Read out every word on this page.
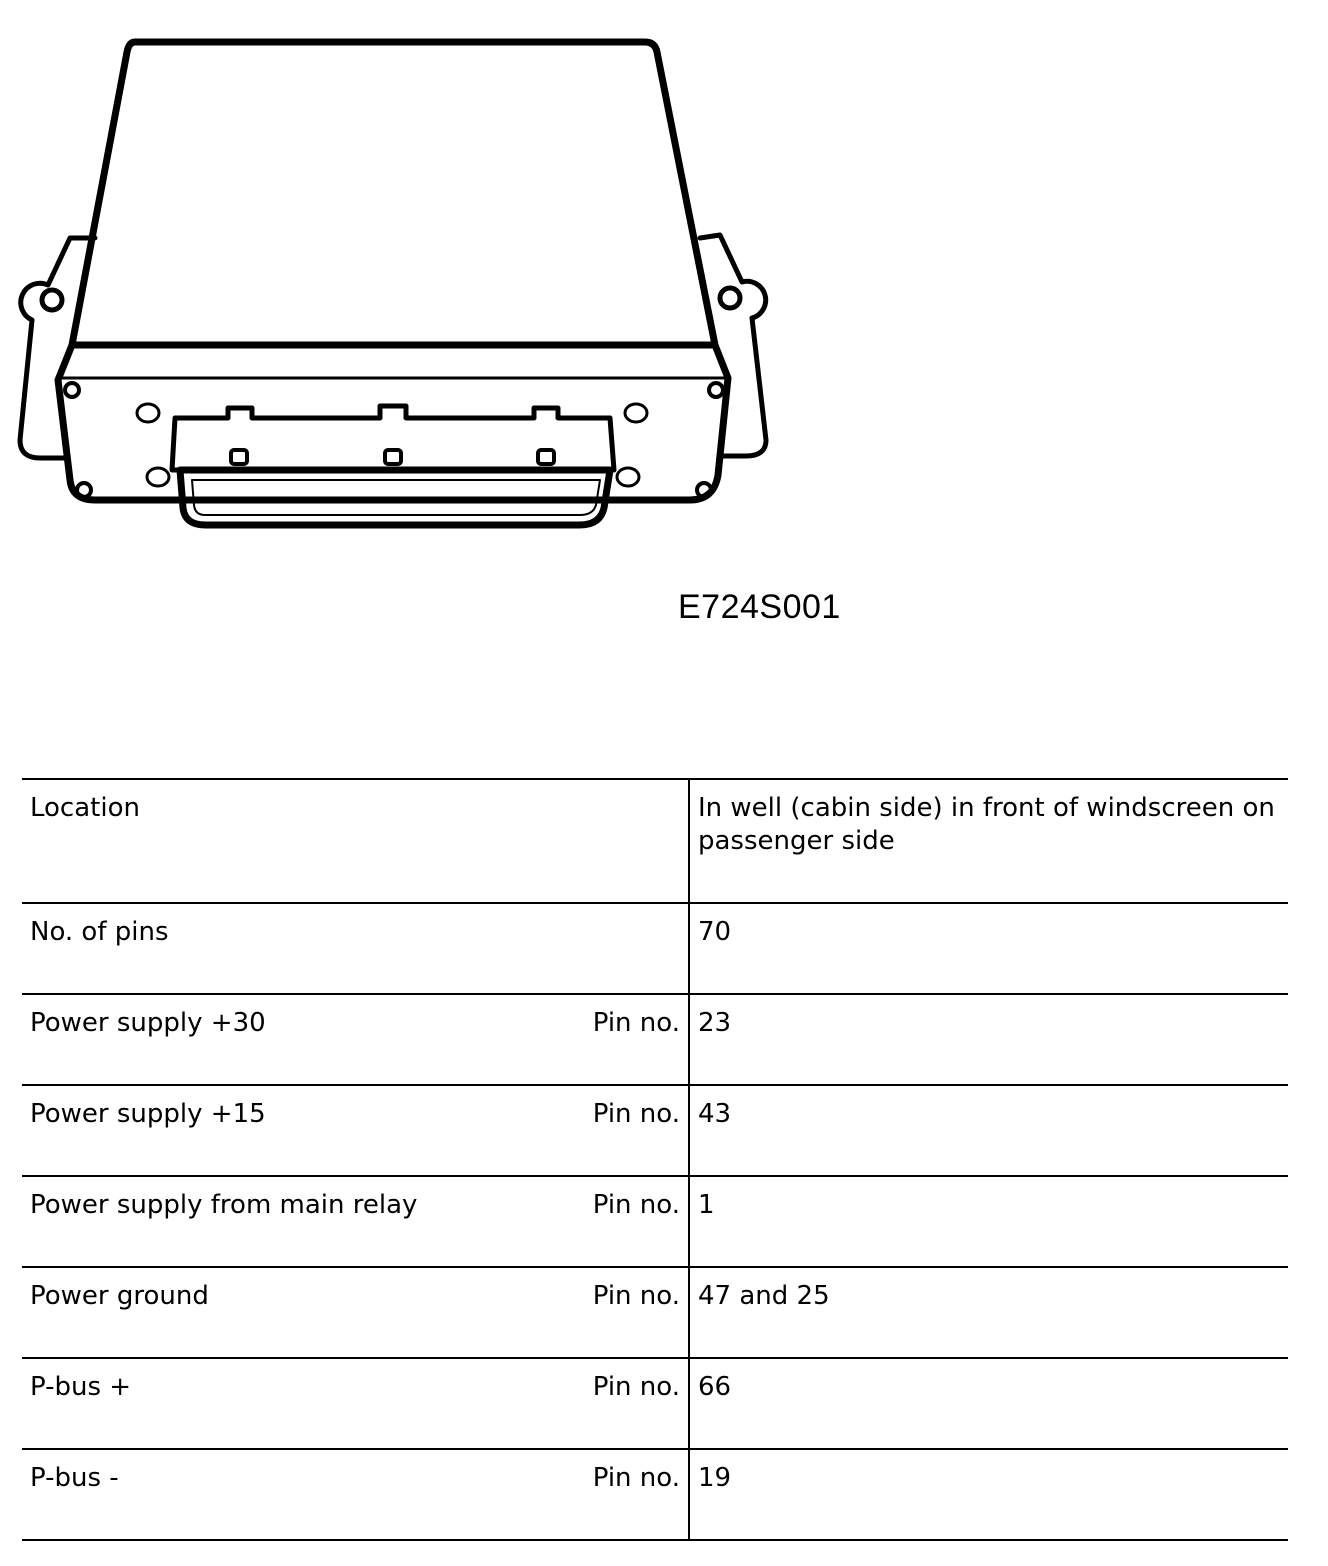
E724S001
Location	In well (cabin side) in front of windscreen on passenger side

No. of pins	70

Power supply +30 Pin no.	23

Power supply +15 Pin no.	43

Power supply from main relay Pin no.	1

Power ground Pin no.	47 and 25

P-bus + Pin no.	66

P-bus - Pin no.	19
